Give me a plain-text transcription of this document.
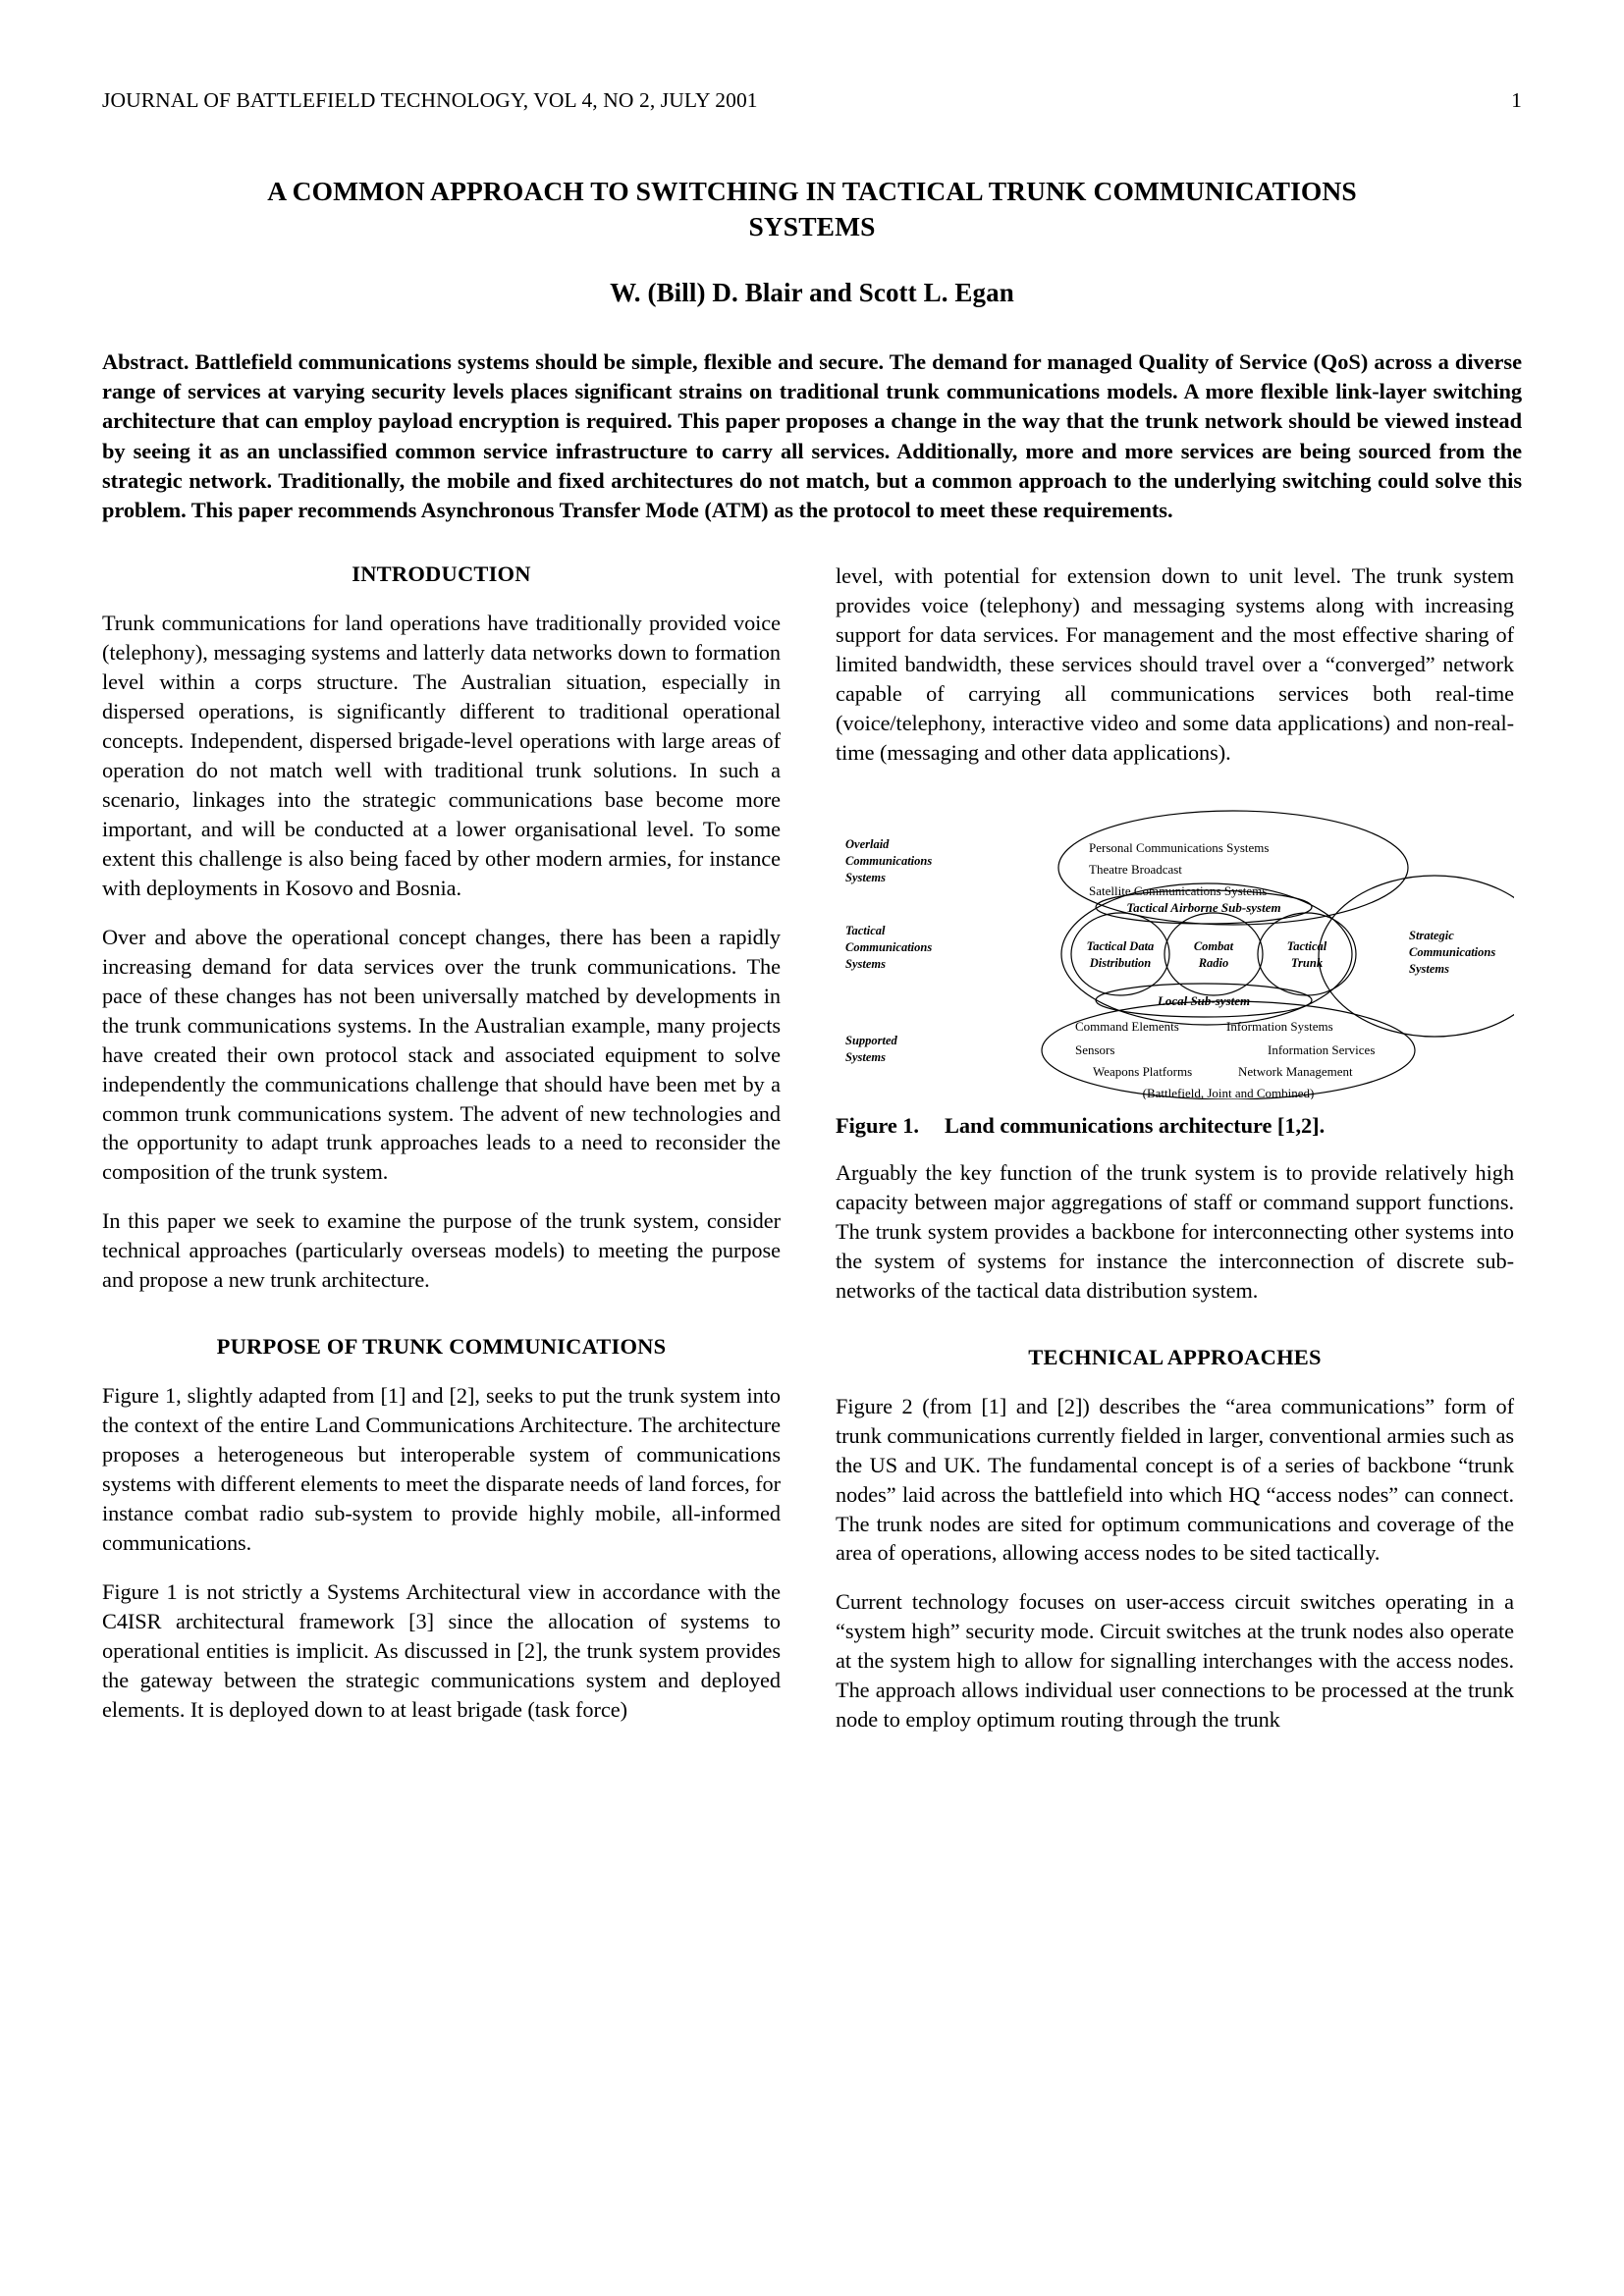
JOURNAL OF BATTLEFIELD TECHNOLOGY, VOL 4, NO 2, JULY 2001	1
A COMMON APPROACH TO SWITCHING IN TACTICAL TRUNK COMMUNICATIONS
SYSTEMS
W. (Bill) D. Blair and Scott L. Egan
Abstract. Battlefield communications systems should be simple, flexible and secure. The demand for managed Quality of Service (QoS) across a diverse range of services at varying security levels places significant strains on traditional trunk communications models. A more flexible link-layer switching architecture that can employ payload encryption is required. This paper proposes a change in the way that the trunk network should be viewed instead by seeing it as an unclassified common service infrastructure to carry all services. Additionally, more and more services are being sourced from the strategic network. Traditionally, the mobile and fixed architectures do not match, but a common approach to the underlying switching could solve this problem. This paper recommends Asynchronous Transfer Mode (ATM) as the protocol to meet these requirements.
INTRODUCTION

Trunk communications for land operations have traditionally provided voice (telephony), messaging systems and latterly data networks down to formation level within a corps structure. The Australian situation, especially in dispersed operations, is significantly different to traditional operational concepts. Independent, dispersed brigade-level operations with large areas of operation do not match well with traditional trunk solutions. In such a scenario, linkages into the strategic communications base become more important, and will be conducted at a lower organisational level. To some extent this challenge is also being faced by other modern armies, for instance with deployments in Kosovo and Bosnia.

Over and above the operational concept changes, there has been a rapidly increasing demand for data services over the trunk communications. The pace of these changes has not been universally matched by developments in the trunk communications systems. In the Australian example, many projects have created their own protocol stack and associated equipment to solve independently the communications challenge that should have been met by a common trunk communications system. The advent of new technologies and the opportunity to adapt trunk approaches leads to a need to reconsider the composition of the trunk system.

In this paper we seek to examine the purpose of the trunk system, consider technical approaches (particularly overseas models) to meeting the purpose and propose a new trunk architecture.

PURPOSE OF TRUNK COMMUNICATIONS

Figure 1, slightly adapted from [1] and [2], seeks to put the trunk system into the context of the entire Land Communications Architecture. The architecture proposes a heterogeneous but interoperable system of communications systems with different elements to meet the disparate needs of land forces, for instance combat radio sub-system to provide highly mobile, all-informed communications.

Figure 1 is not strictly a Systems Architectural view in accordance with the C4ISR architectural framework [3] since the allocation of systems to operational entities is implicit. As discussed in [2], the trunk system provides the gateway between the strategic communications system and deployed elements. It is deployed down to at least brigade (task force)

level, with potential for extension down to unit level. The trunk system provides voice (telephony) and messaging systems along with increasing support for data services. For management and the most effective sharing of limited bandwidth, these services should travel over a “converged” network capable of carrying all communications services both real-time (voice/telephony, interactive video and some data applications) and non-real-time (messaging and other data applications).

Overlaid
Communications
Systems
Tactical
Communications
Systems
Strategic
Communications
Systems
Supported
Systems
Personal Communications Systems
Theatre Broadcast
Satellite Communications Systems
Tactical Airborne Sub-system
Tactical Data
Distribution
Combat
Radio
Tactical
Trunk
Local Sub-system
Command Elements	Information Systems
Sensors	Information Services
Weapons Platforms	Network Management
(Battlefield, Joint and Combined)
Figure 1. Land communications architecture [1,2].

Arguably the key function of the trunk system is to provide relatively high capacity between major aggregations of staff or command support functions. The trunk system provides a backbone for interconnecting other systems into the system of systems for instance the interconnection of discrete sub-networks of the tactical data distribution system.

TECHNICAL APPROACHES

Figure 2 (from [1] and [2]) describes the “area communications” form of trunk communications currently fielded in larger, conventional armies such as the US and UK. The fundamental concept is of a series of backbone “trunk nodes” laid across the battlefield into which HQ “access nodes” can connect. The trunk nodes are sited for optimum communications and coverage of the area of operations, allowing access nodes to be sited tactically.

Current technology focuses on user-access circuit switches operating in a “system high” security mode. Circuit switches at the trunk nodes also operate at the system high to allow for signalling interchanges with the access nodes. The approach allows individual user connections to be processed at the trunk node to employ optimum routing through the trunk
